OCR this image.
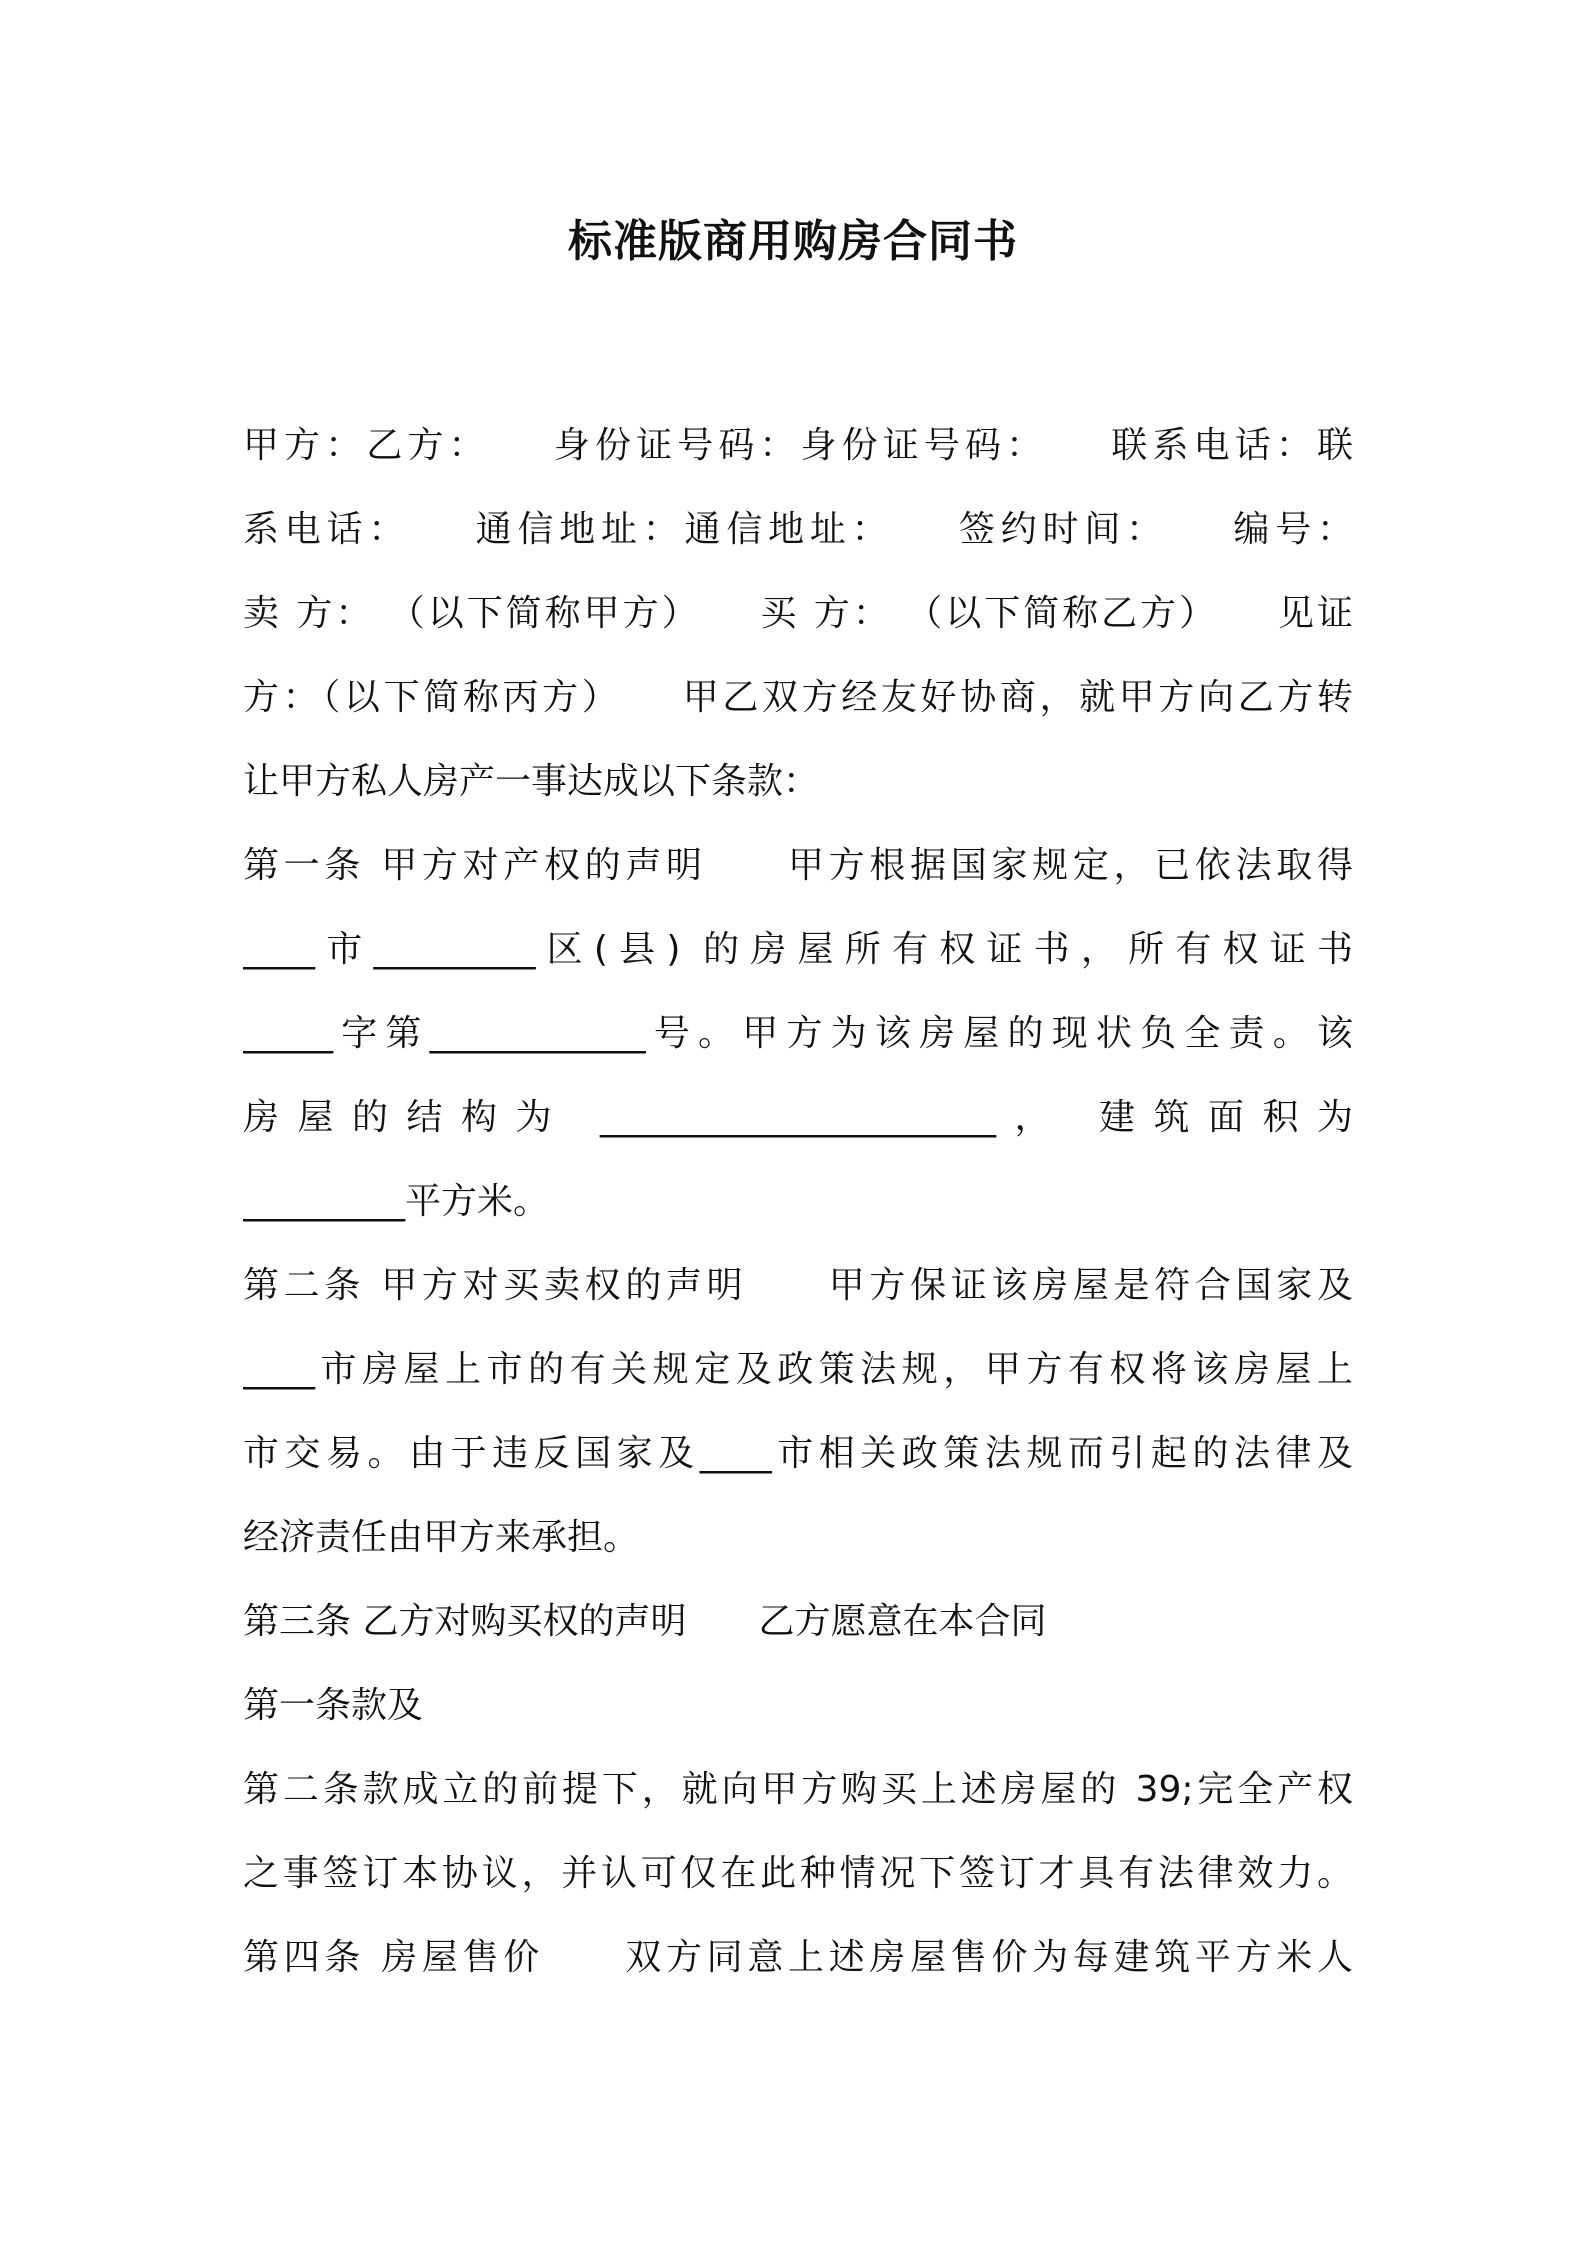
标准版商用购房合同书
甲方：乙方：　　身份证号码：身份证号码：　　联系电话：联
系电话：　　通信地址：通信地址：　　签约时间：　　编号：
卖 方： （以下简称甲方）　　买 方： （以下简称乙方）　　见证
方：（以下简称丙方）　　甲乙双方经友好协商，就甲方向乙方转
让甲方私人房产一事达成以下条款：
第一条 甲方对产权的声明　　甲方根据国家规定，已依法取得
____市_________区(县) 的房屋所有权证书，所有权证书
_____字第____________号。甲方为该房屋的现状负全责。该
房屋的结构为 ______________________， 建筑面积为
_________平方米。
第二条 甲方对买卖权的声明　　甲方保证该房屋是符合国家及
____市房屋上市的有关规定及政策法规，甲方有权将该房屋上
市交易。由于违反国家及____市相关政策法规而引起的法律及
经济责任由甲方来承担。
第三条 乙方对购买权的声明　　乙方愿意在本合同
第一条款及
第二条款成立的前提下，就向甲方购买上述房屋的 39;完全产权
之事签订本协议，并认可仅在此种情况下签订才具有法律效力。
第四条 房屋售价　　双方同意上述房屋售价为每建筑平方米人
